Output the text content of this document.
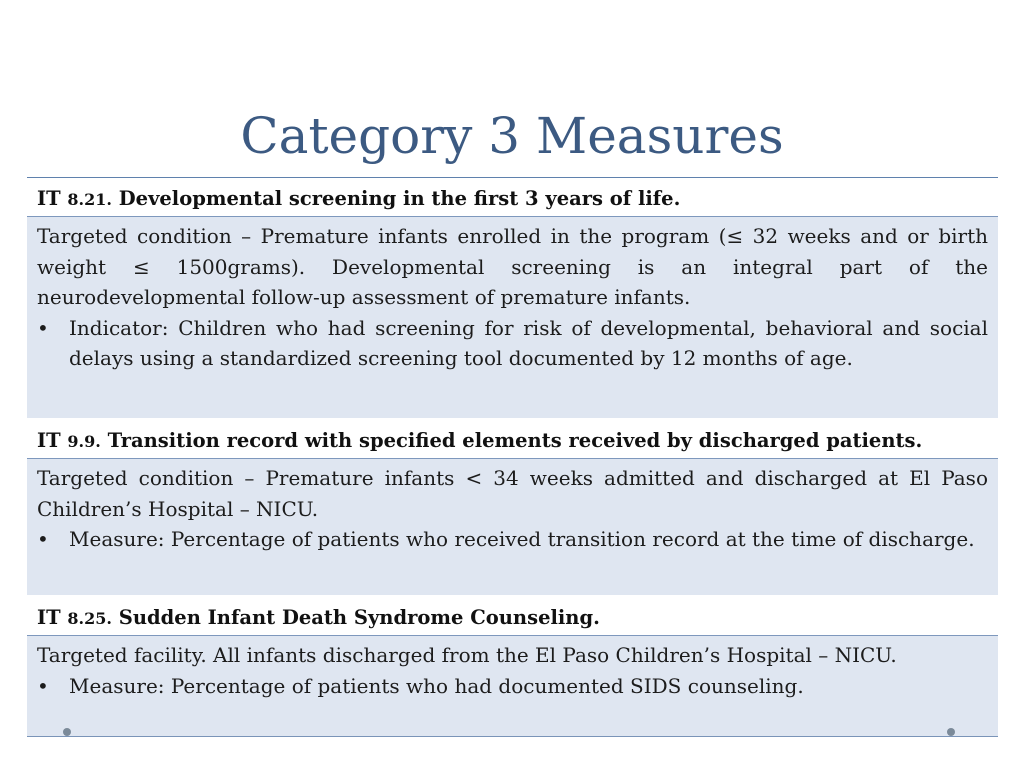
Category 3 Measures
IT 8.21. Developmental screening in the first 3 years of life.

Targeted condition – Premature infants enrolled in the program (≤ 32 weeks and or birth weight ≤ 1500grams). Developmental screening is an integral part of the neurodevelopmental follow-up assessment of premature infants.

• Indicator: Children who had screening for risk of developmental, behavioral and social delays using a standardized screening tool documented by 12 months of age.
IT 9.9. Transition record with specified elements received by discharged patients.

Targeted condition – Premature infants < 34 weeks admitted and discharged at El Paso Children’s Hospital – NICU.

• Measure: Percentage of patients who received transition record at the time of discharge.
IT 8.25. Sudden Infant Death Syndrome Counseling.

Targeted facility. All infants discharged from the El Paso Children’s Hospital – NICU.

• Measure: Percentage of patients who had documented SIDS counseling.
